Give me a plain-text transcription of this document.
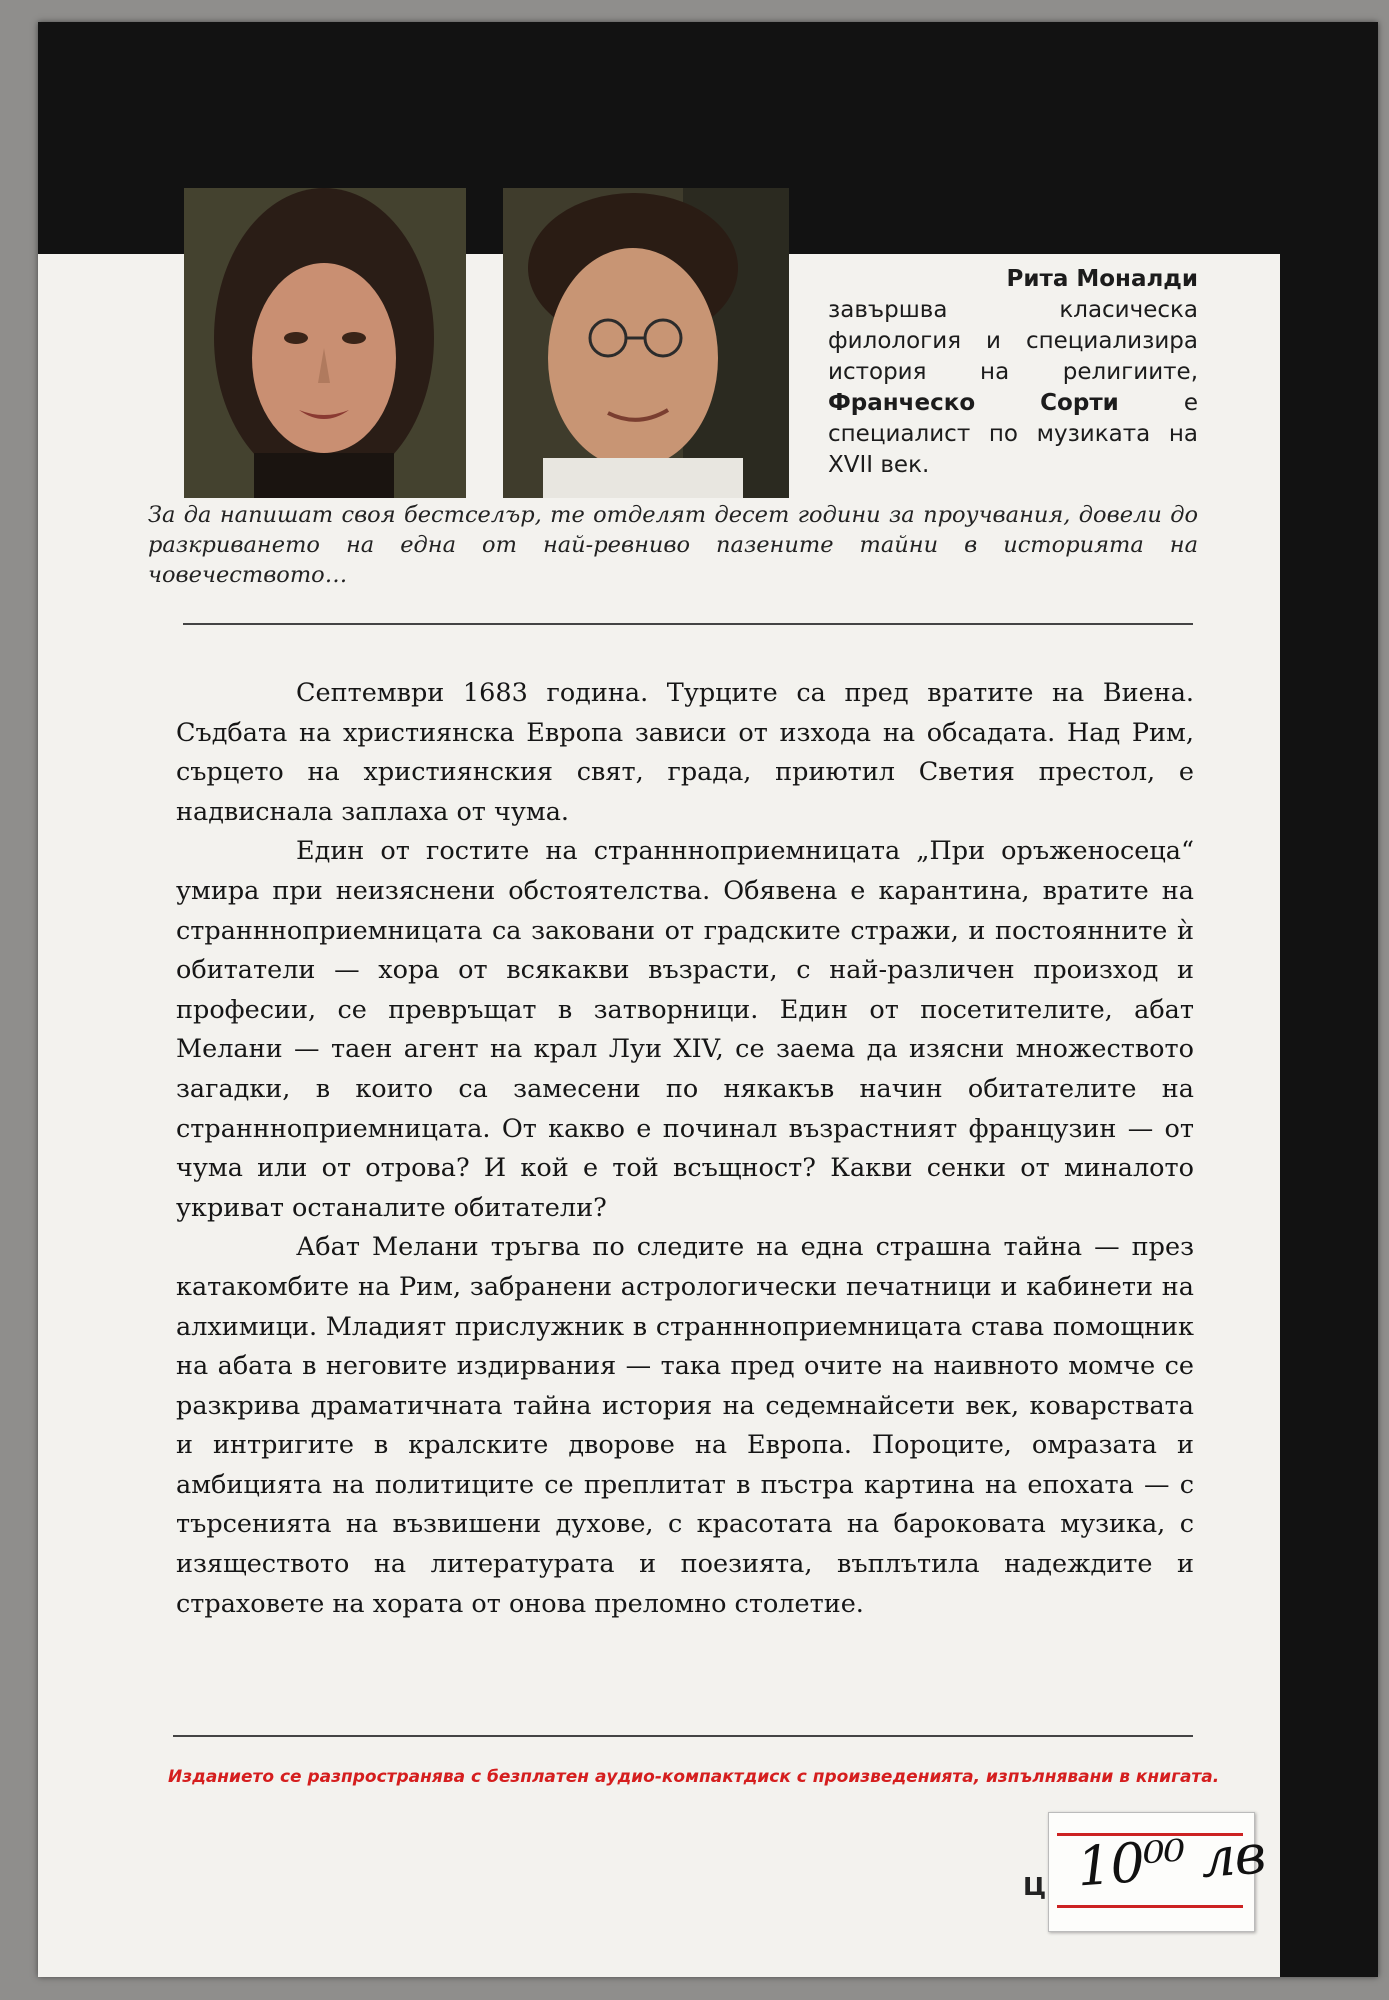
Рита Моналди
завършва класическа филология и специализира история на религиите, Франческо Сорти е специалист по музиката на XVII век.
За да напишат своя бестселър, те отделят десет години за проучвания, довели до разкриването на една от най-ревниво пазените тайни в историята на човечеството…

Септември 1683 година. Турците са пред вратите на Виена. Съдбата на християнска Европа зависи от изхода на обсадата. Над Рим, сърцето на християнския свят, града, приютил Светия престол, е надвиснала заплаха от чума.

Един от гостите на страннноприемницата „При оръженосеца“ умира при неизяснени обстоятелства. Обявена е карантина, вратите на страннноприемницата са заковани от градските стражи, и постоянните ѝ обитатели — хора от всякакви възрасти, с най-различен произход и професии, се превръщат в затворници. Един от посетителите, абат Мелани — таен агент на крал Луи XIV, се заема да изясни множеството загадки, в които са замесени по някакъв начин обитателите на страннноприемницата. От какво е починал възрастният французин — от чума или от отрова? И кой е той всъщност? Какви сенки от миналото укриват останалите обитатели?

Абат Мелани тръгва по следите на една страшна тайна — през катакомбите на Рим, забранени астрологически печатници и кабинети на алхимици. Младият прислужник в страннноприемницата става помощник на абата в неговите издирвания — така пред очите на наивното момче се разкрива драматичната тайна история на седемнайсети век, коварствата и интригите в кралските дворове на Европа. Пороците, омразата и амбицията на политиците се преплитат в пъстра картина на епохата — с търсенията на възвишени духове, с красотата на бароковата музика, с изяществото на литературата и поезията, въплътила надеждите и страховете на хората от онова преломно столетие.

Изданието се разпространява с безплатен аудио-компактдиск с произведенията, изпълнявани в книгата.
Ц 10⁰⁰ лв
